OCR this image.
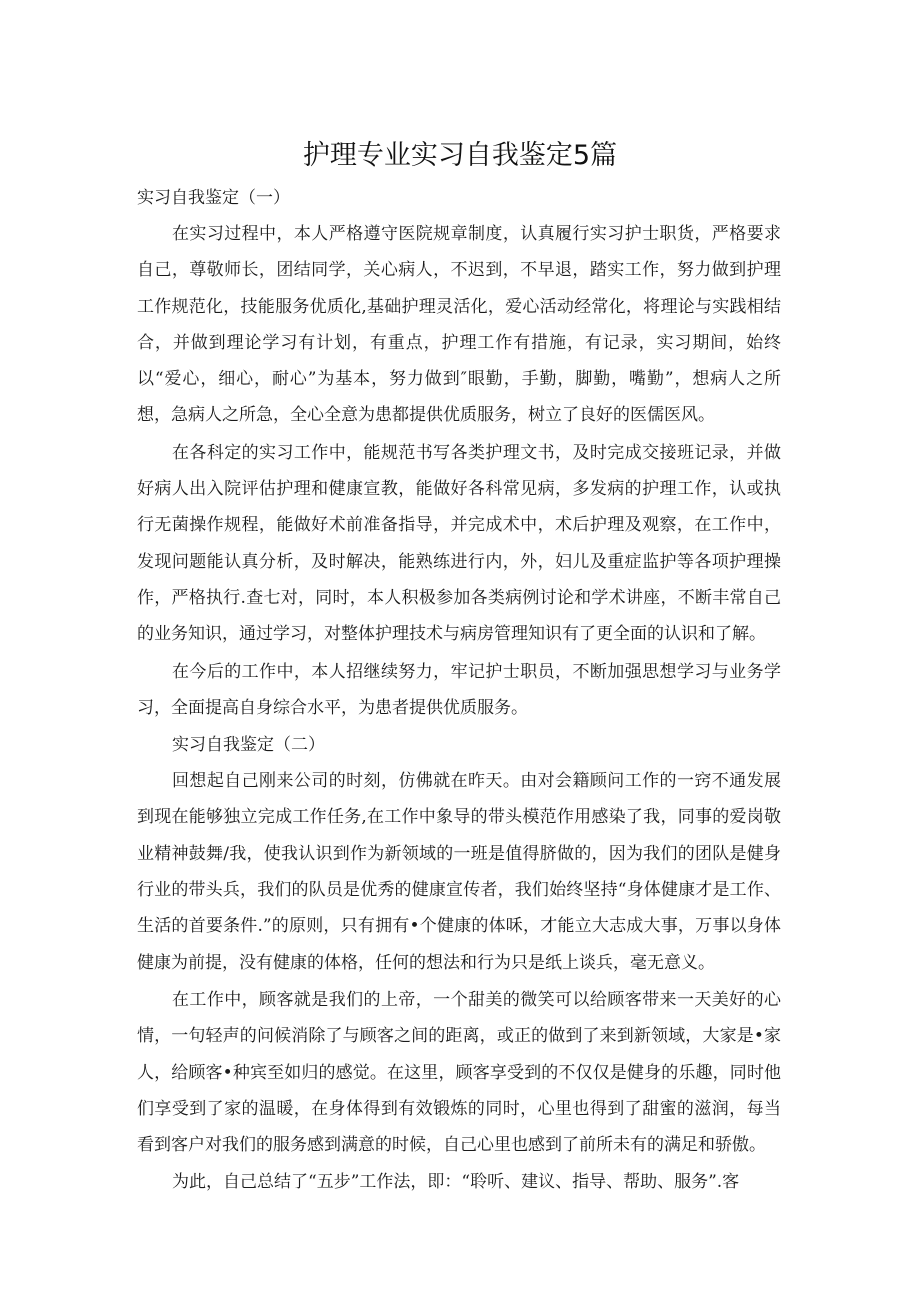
护理专业实习自我鉴定5篇

实习自我鉴定（一）

在实习过程中，本人严格遵守医院规章制度，认真履行实习护士职货，严格要求自己，尊敬师长，团结同学，关心病人，不迟到，不早退，踏实工作，努力做到护理工作规范化，技能服务优质化,基础护理灵活化，爱心活动经常化，将理论与实践相结合，并做到理论学习有计划，有重点，护理工作有措施，有记录，实习期间，始终以“爱心，细心，耐心”为基本，努力做到″眼勤，手勤，脚勤，嘴勤”，想病人之所想，急病人之所急，全心全意为患都提供优质服务，树立了良好的医儒医风。

在各科定的实习工作中，能规范书写各类护理文书，及时完成交接班记录，并做好病人出入院评估护理和健康宣教，能做好各科常见病，多发病的护理工作，认或执行无菌操作规程，能做好术前准备指导，并完成术中，术后护理及观察，在工作中，发现问题能认真分析，及时解决，能熟练进行内，外，妇儿及重症监护等各项护理操作，严格执行.查七对，同时，本人积极参加各类病例讨论和学术讲座，不断丰常自己的业务知识，通过学习，对整体护理技术与病房管理知识有了更全面的认识和了解。

在今后的工作中，本人招继续努力，牢记护士职员，不断加强思想学习与业务学习，全面提高自身综合水平，为患者提供优质服务。

实习自我鉴定（二）

回想起自己刚来公司的时刻，仿佛就在昨天。由对会籍顾问工作的一窍不通发展到现在能够独立完成工作任务,在工作中象导的带头模范作用感染了我，同事的爱岗敬业精神鼓舞/我，使我认识到作为新领域的一班是值得脐做的，因为我们的团队是健身行业的带头兵，我们的队员是优秀的健康宣传者，我们始终坚持“身体健康才是工作、生活的首要条件.”的原则，只有拥有•个健康的体咊，才能立大志成大事，万事以身体健康为前提，没有健康的体格，任何的想法和行为只是纸上谈兵，毫无意义。

在工作中，顾客就是我们的上帝，一个甜美的微笑可以给顾客带来一天美好的心情，一句轻声的问候消除了与顾客之间的距离，或正的做到了来到新领域，大家是•家人，给顾客•种宾至如归的感觉。在这里，顾客享受到的不仅仅是健身的乐趣，同时他们享受到了家的温暖，在身体得到有效锻炼的同时，心里也得到了甜蜜的滋润，每当看到客户对我们的服务感到满意的时候，自己心里也感到了前所未有的满足和骄傲。

为此，自己总结了“五步”工作法，即：“聆听、建议、指导、帮助、服务”.客
